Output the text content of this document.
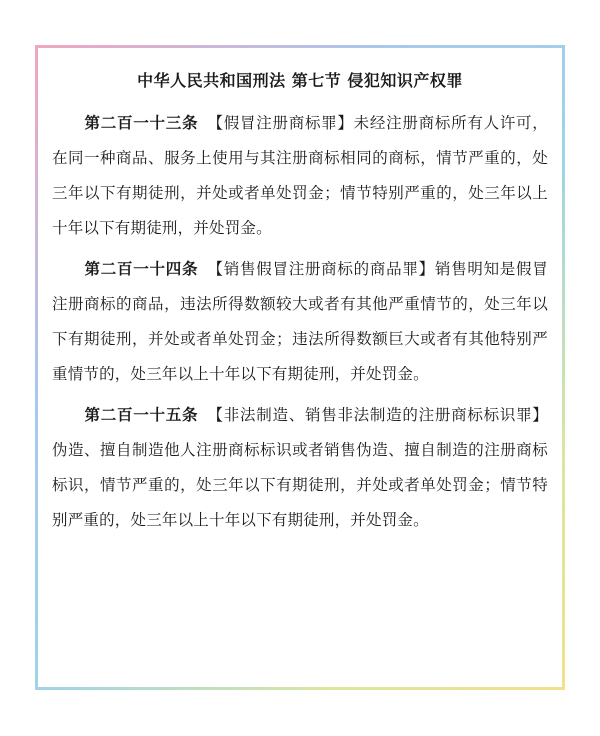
中华人民共和国刑法 第七节 侵犯知识产权罪

第二百一十三条 【假冒注册商标罪】未经注册商标所有人许可，在同一种商品、服务上使用与其注册商标相同的商标，情节严重的，处三年以下有期徒刑，并处或者单处罚金；情节特别严重的，处三年以上十年以下有期徒刑，并处罚金。

第二百一十四条 【销售假冒注册商标的商品罪】销售明知是假冒注册商标的商品，违法所得数额较大或者有其他严重情节的，处三年以下有期徒刑，并处或者单处罚金；违法所得数额巨大或者有其他特别严重情节的，处三年以上十年以下有期徒刑，并处罚金。

第二百一十五条 【非法制造、销售非法制造的注册商标标识罪】伪造、擅自制造他人注册商标标识或者销售伪造、擅自制造的注册商标标识，情节严重的，处三年以下有期徒刑，并处或者单处罚金；情节特别严重的，处三年以上十年以下有期徒刑，并处罚金。
